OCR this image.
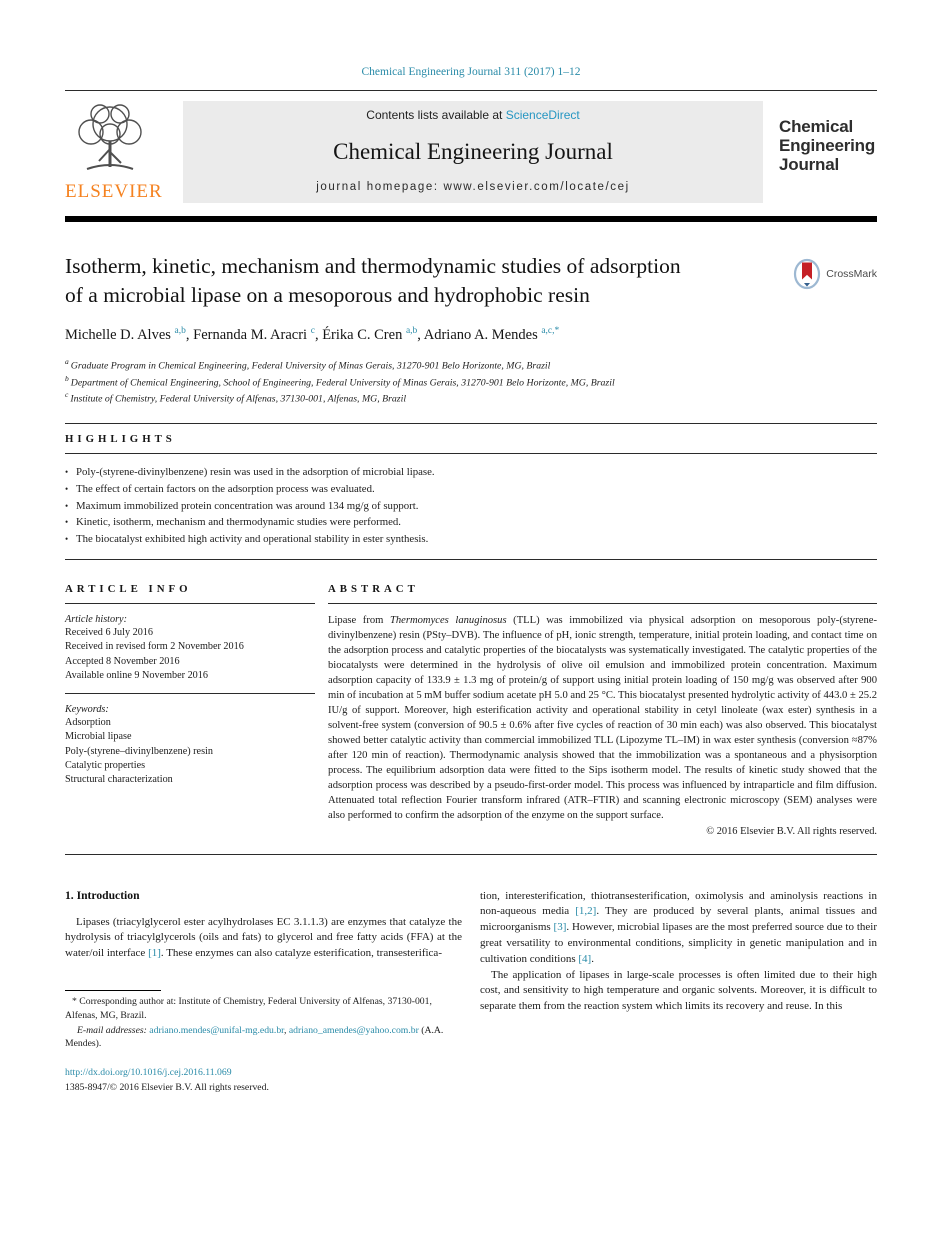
Chemical Engineering Journal 311 (2017) 1–12
ELSEVIER
Contents lists available at ScienceDirect
Chemical Engineering Journal
journal homepage: www.elsevier.com/locate/cej
Chemical
Engineering
Journal
Isotherm, kinetic, mechanism and thermodynamic studies of adsorption
of a microbial lipase on a mesoporous and hydrophobic resin
CrossMark
Michelle D. Alves $^{a,b}$, Fernanda M. Aracri $^c$, Érika C. Cren $^{a,b}$, Adriano A. Mendes $^{a,c,*}$
$^a$ Graduate Program in Chemical Engineering, Federal University of Minas Gerais, 31270-901 Belo Horizonte, MG, Brazil
$^b$ Department of Chemical Engineering, School of Engineering, Federal University of Minas Gerais, 31270-901 Belo Horizonte, MG, Brazil
$^c$ Institute of Chemistry, Federal University of Alfenas, 37130-001, Alfenas, MG, Brazil
HIGHLIGHTS
• Poly-(styrene-divinylbenzene) resin was used in the adsorption of microbial lipase.
• The effect of certain factors on the adsorption process was evaluated.
• Maximum immobilized protein concentration was around 134 mg/g of support.
• Kinetic, isotherm, mechanism and thermodynamic studies were performed.
• The biocatalyst exhibited high activity and operational stability in ester synthesis.
ARTICLE INFO
Article history:
Received 6 July 2016
Received in revised form 2 November 2016
Accepted 8 November 2016
Available online 9 November 2016
Keywords:
Adsorption
Microbial lipase
Poly-(styrene–divinylbenzene) resin
Catalytic properties
Structural characterization
ABSTRACT

Lipase from Thermomyces lanuginosus (TLL) was immobilized via physical adsorption on mesoporous poly-(styrene-divinylbenzene) resin (PSty–DVB). The influence of pH, ionic strength, temperature, initial protein loading, and contact time on the adsorption process and catalytic properties of the biocatalysts was systematically investigated. The catalytic properties of the biocatalysts were determined in the hydrolysis of olive oil emulsion and immobilized protein concentration. Maximum adsorption capacity of 133.9 ± 1.3 mg of protein/g of support using initial protein loading of 150 mg/g was observed after 900 min of incubation at 5 mM buffer sodium acetate pH 5.0 and 25 °C. This biocatalyst presented hydrolytic activity of 443.0 ± 25.2 IU/g of support. Moreover, high esterification activity and operational stability in cetyl linoleate (wax ester) synthesis in a solvent-free system (conversion of 90.5 ± 0.6% after five cycles of reaction of 30 min each) was also observed. This biocatalyst showed better catalytic activity than commercial immobilized TLL (Lipozyme TL–IM) in wax ester synthesis (conversion ≈87% after 120 min of reaction). Thermodynamic analysis showed that the immobilization was a spontaneous and a physisorption process. The equilibrium adsorption data were fitted to the Sips isotherm model. The results of kinetic study showed that the adsorption process was described by a pseudo-first-order model. This process was influenced by intraparticle and film diffusion. Attenuated total reflection Fourier transform infrared (ATR–FTIR) and scanning electronic microscopy (SEM) analyses were also performed to confirm the adsorption of the enzyme on the support surface.

© 2016 Elsevier B.V. All rights reserved.
1. Introduction

Lipases (triacylglycerol ester acylhydrolases EC 3.1.1.3) are enzymes that catalyze the hydrolysis of triacylglycerols (oils and fats) to glycerol and free fatty acids (FFA) at the water/oil interface [1]. These enzymes can also catalyze esterification, transesterifica-

* Corresponding author at: Institute of Chemistry, Federal University of Alfenas, 37130-001, Alfenas, MG, Brazil.

E-mail addresses: adriano.mendes@unifal-mg.edu.br, adriano_amendes@yahoo.com.br (A.A. Mendes).

http://dx.doi.org/10.1016/j.cej.2016.11.069
1385-8947/© 2016 Elsevier B.V. All rights reserved.

tion, interesterification, thiotransesterification, oximolysis and aminolysis reactions in non-aqueous media [1,2]. They are produced by several plants, animal tissues and microorganisms [3]. However, microbial lipases are the most preferred source due to their great versatility to environmental conditions, simplicity in genetic manipulation and in cultivation conditions [4].

The application of lipases in large-scale processes is often limited due to their high cost, and sensitivity to high temperature and organic solvents. Moreover, it is difficult to separate them from the reaction system which limits its recovery and reuse. In this
